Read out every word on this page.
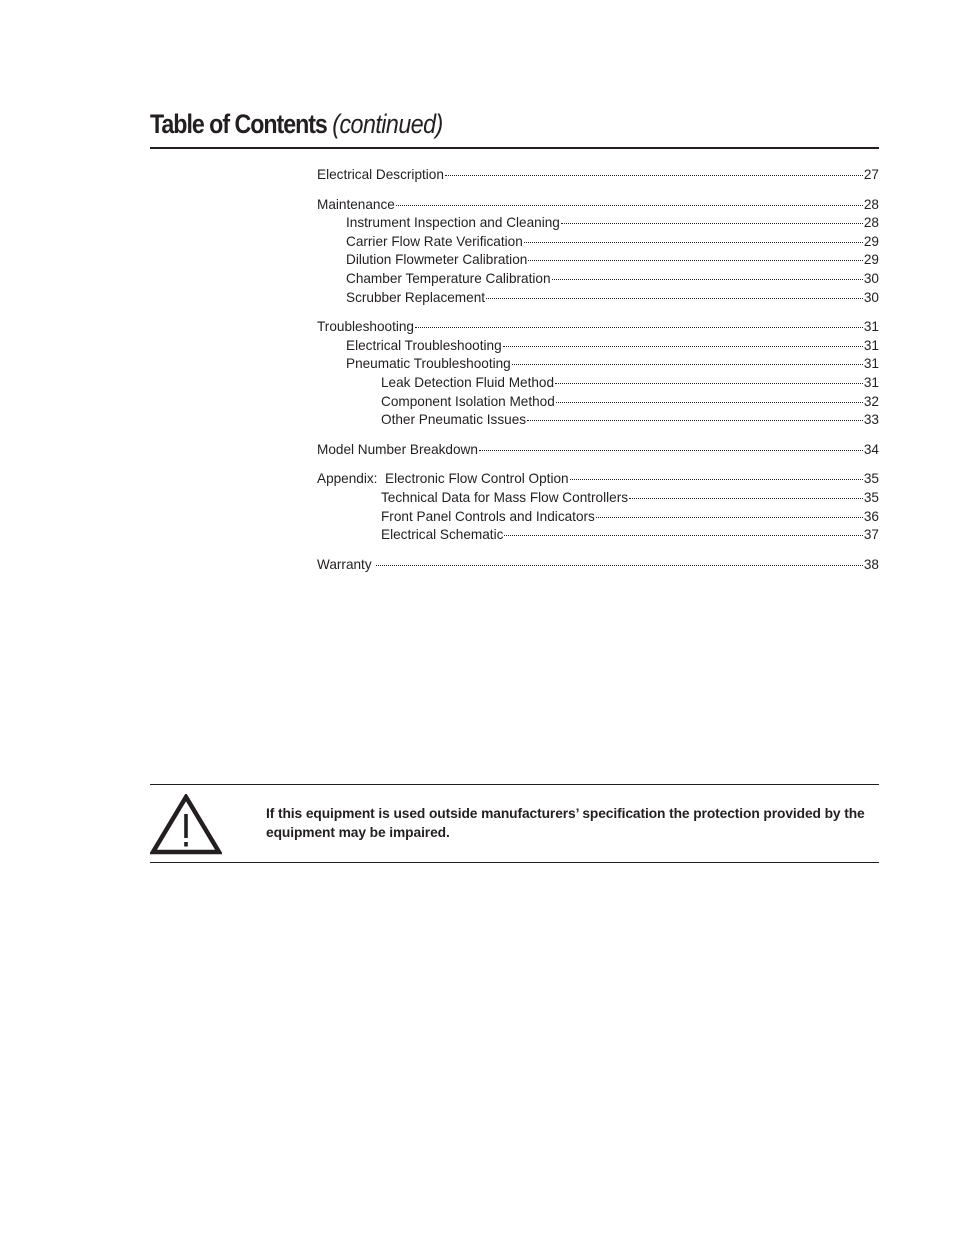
Table of Contents (continued)
Electrical Description	27
Maintenance	28
Instrument Inspection and Cleaning	28
Carrier Flow Rate Verification	29
Dilution Flowmeter Calibration	29
Chamber Temperature Calibration	30
Scrubber Replacement	30
Troubleshooting	31
Electrical Troubleshooting	31
Pneumatic Troubleshooting	31
Leak Detection Fluid Method	31
Component Isolation Method	32
Other Pneumatic Issues	33
Model Number Breakdown	34
Appendix:  Electronic Flow Control Option	35
Technical Data for Mass Flow Controllers	35
Front Panel Controls and Indicators	36
Electrical Schematic	37
Warranty	38

If this equipment is used outside manufacturers’ specification the protection provided by the equipment may be impaired.
